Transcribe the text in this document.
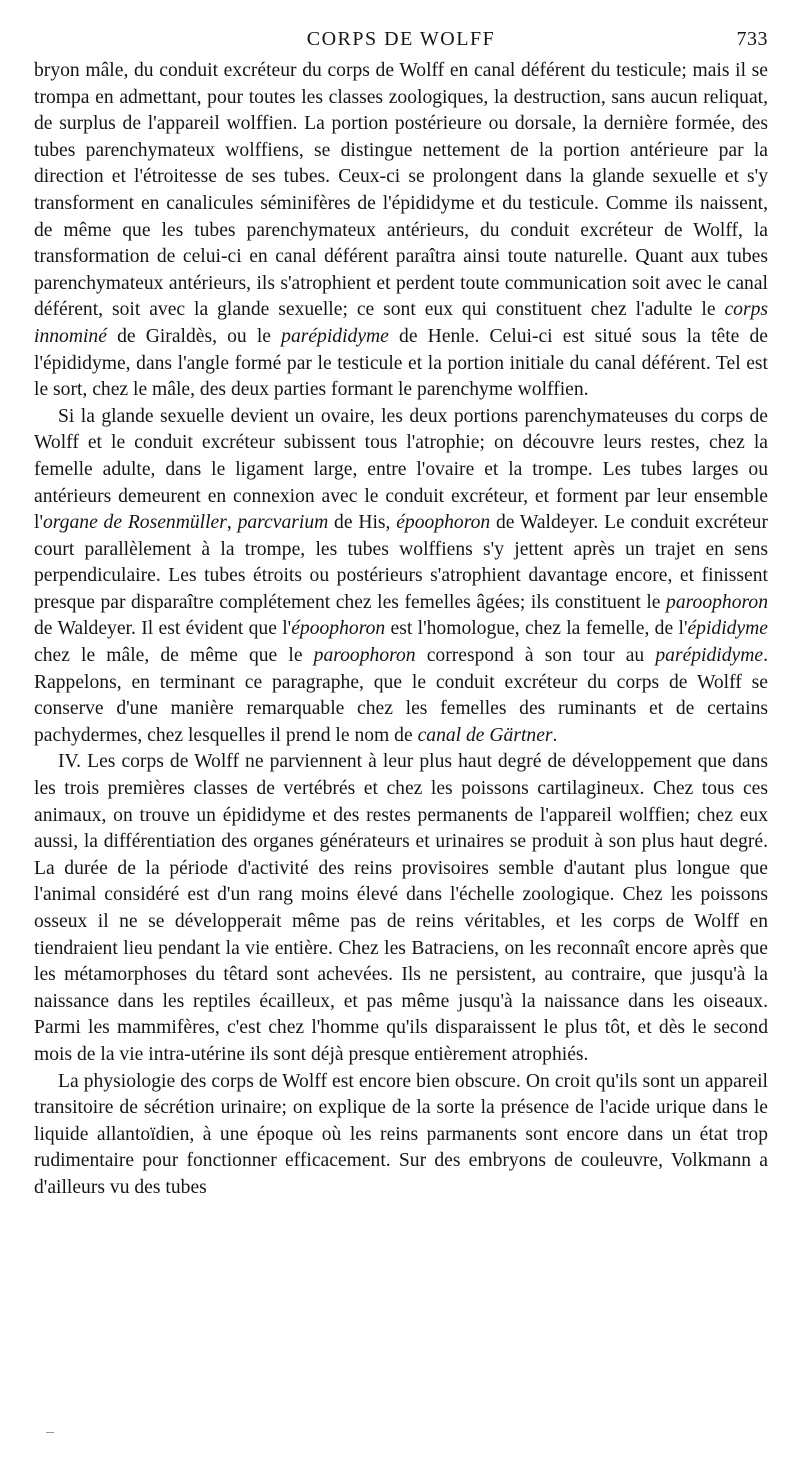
CORPS DE WOLFF	733

bryon mâle, du conduit excréteur du corps de Wolff en canal déférent du testicule; mais il se trompa en admettant, pour toutes les classes zoologiques, la destruction, sans aucun reliquat, de surplus de l'appareil wolffien. La portion postérieure ou dorsale, la dernière formée, des tubes parenchymateux wolffiens, se distingue nettement de la portion antérieure par la direction et l'étroitesse de ses tubes. Ceux-ci se prolongent dans la glande sexuelle et s'y transforment en canalicules séminifères de l'épididyme et du testicule. Comme ils naissent, de même que les tubes parenchymateux antérieurs, du conduit excréteur de Wolff, la transformation de celui-ci en canal déférent paraîtra ainsi toute naturelle. Quant aux tubes parenchymateux antérieurs, ils s'atrophient et perdent toute communication soit avec le canal déférent, soit avec la glande sexuelle; ce sont eux qui constituent chez l'adulte le corps innominé de Giraldès, ou le parépididyme de Henle. Celui-ci est situé sous la tête de l'épididyme, dans l'angle formé par le testicule et la portion initiale du canal déférent. Tel est le sort, chez le mâle, des deux parties formant le parenchyme wolffien.

Si la glande sexuelle devient un ovaire, les deux portions parenchymateuses du corps de Wolff et le conduit excréteur subissent tous l'atrophie; on découvre leurs restes, chez la femelle adulte, dans le ligament large, entre l'ovaire et la trompe. Les tubes larges ou antérieurs demeurent en connexion avec le conduit excréteur, et forment par leur ensemble l'organe de Rosenmüller, parcvarium de His, époophoron de Waldeyer. Le conduit excréteur court parallèlement à la trompe, les tubes wolffiens s'y jettent après un trajet en sens perpendiculaire. Les tubes étroits ou postérieurs s'atrophient davantage encore, et finissent presque par disparaître complétement chez les femelles âgées; ils constituent le paroophoron de Waldeyer. Il est évident que l'époophoron est l'homologue, chez la femelle, de l'épididyme chez le mâle, de même que le paroophoron correspond à son tour au parépididyme. Rappelons, en terminant ce paragraphe, que le conduit excréteur du corps de Wolff se conserve d'une manière remarquable chez les femelles des ruminants et de certains pachydermes, chez lesquelles il prend le nom de canal de Gärtner.

IV. Les corps de Wolff ne parviennent à leur plus haut degré de développement que dans les trois premières classes de vertébrés et chez les poissons cartilagineux. Chez tous ces animaux, on trouve un épididyme et des restes permanents de l'appareil wolffien; chez eux aussi, la différentiation des organes générateurs et urinaires se produit à son plus haut degré. La durée de la période d'activité des reins provisoires semble d'autant plus longue que l'animal considéré est d'un rang moins élevé dans l'échelle zoologique. Chez les poissons osseux il ne se développerait même pas de reins véritables, et les corps de Wolff en tiendraient lieu pendant la vie entière. Chez les Batraciens, on les reconnaît encore après que les métamorphoses du têtard sont achevées. Ils ne persistent, au contraire, que jusqu'à la naissance dans les reptiles écailleux, et pas même jusqu'à la naissance dans les oiseaux. Parmi les mammifères, c'est chez l'homme qu'ils disparaissent le plus tôt, et dès le second mois de la vie intra-utérine ils sont déjà presque entièrement atrophiés.

La physiologie des corps de Wolff est encore bien obscure. On croit qu'ils sont un appareil transitoire de sécrétion urinaire; on explique de la sorte la présence de l'acide urique dans le liquide allantoïdien, à une époque où les reins parmanents sont encore dans un état trop rudimentaire pour fonctionner efficacement. Sur des embryons de couleuvre, Volkmann a d'ailleurs vu des tubes
